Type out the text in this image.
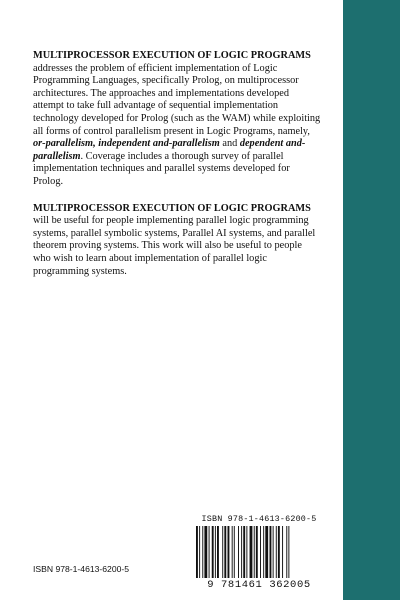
MULTIPROCESSOR EXECUTION OF LOGIC PROGRAMS
addresses the problem of efficient implementation of Logic Programming Languages, specifically Prolog, on multiprocessor architectures. The approaches and implementations developed attempt to take full advantage of sequential implementation technology developed for Prolog (such as the WAM) while exploiting all forms of control parallelism present in Logic Programs, namely, or-parallelism, independent and-parallelism and dependent and-parallelism. Coverage includes a thorough survey of parallel implementation techniques and parallel systems developed for Prolog.

MULTIPROCESSOR EXECUTION OF LOGIC PROGRAMS will be useful for people implementing parallel logic programming systems, parallel symbolic systems, Parallel AI systems, and parallel theorem proving systems. This work will also be useful to people who wish to learn about implementation of parallel logic programming systems.

ISBN 978-1-4613-6200-5
9 781461 362005
ISBN 978-1-4613-6200-5
